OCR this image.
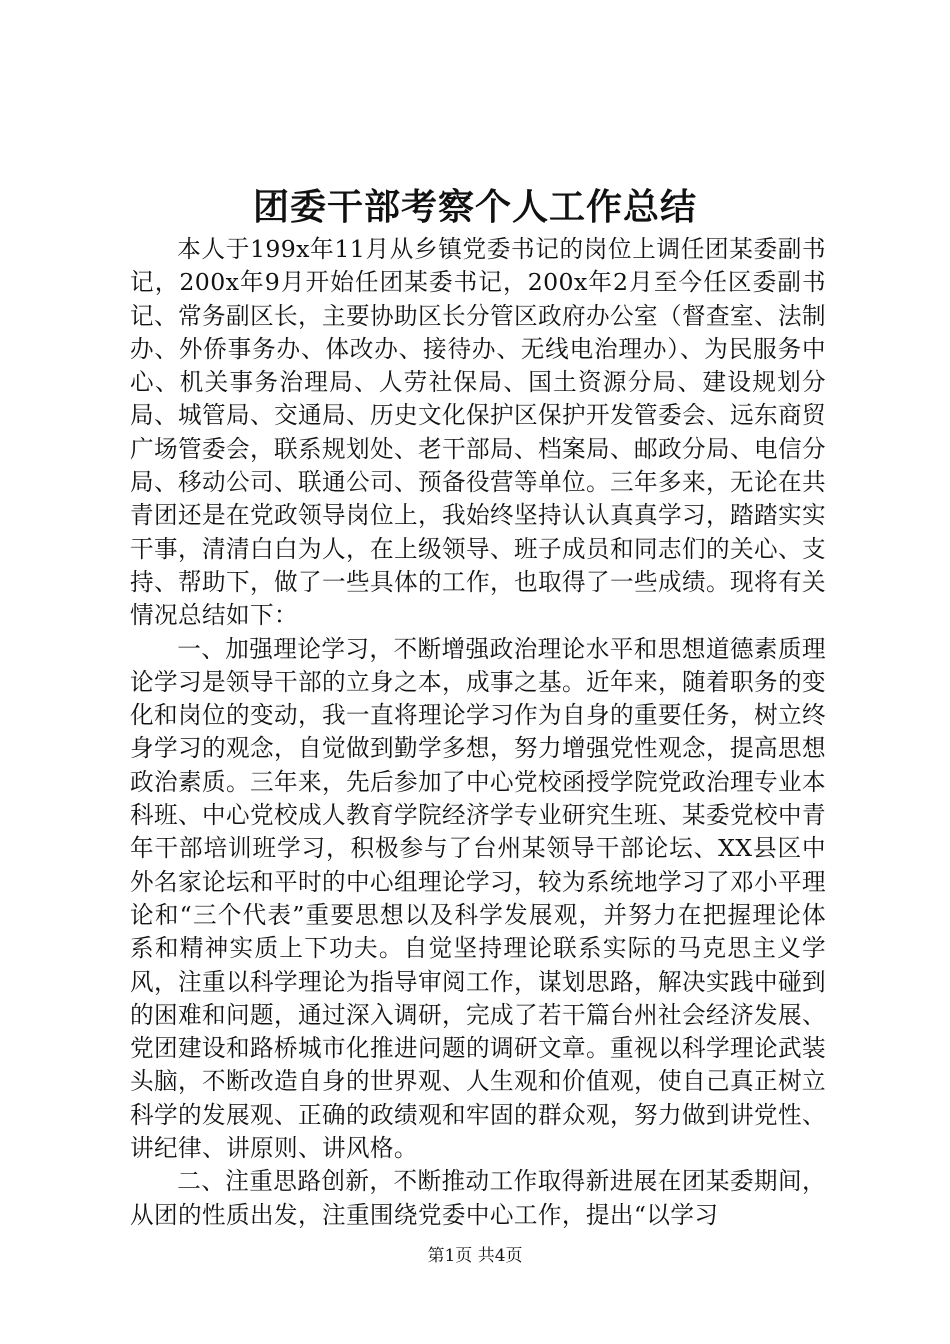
团委干部考察个人工作总结

本人于199x年11月从乡镇党委书记的岗位上调任团某委副书记，200x年9月开始任团某委书记，200x年2月至今任区委副书记、常务副区长，主要协助区长分管区政府办公室（督查室、法制办、外侨事务办、体改办、接待办、无线电治理办）、为民服务中心、机关事务治理局、人劳社保局、国土资源分局、建设规划分局、城管局、交通局、历史文化保护区保护开发管委会、远东商贸广场管委会，联系规划处、老干部局、档案局、邮政分局、电信分局、移动公司、联通公司、预备役营等单位。三年多来，无论在共青团还是在党政领导岗位上，我始终坚持认认真真学习，踏踏实实干事，清清白白为人，在上级领导、班子成员和同志们的关心、支持、帮助下，做了一些具体的工作，也取得了一些成绩。现将有关情况总结如下：

一、加强理论学习，不断增强政治理论水平和思想道德素质理论学习是领导干部的立身之本，成事之基。近年来，随着职务的变化和岗位的变动，我一直将理论学习作为自身的重要任务，树立终身学习的观念，自觉做到勤学多想，努力增强党性观念，提高思想政治素质。三年来，先后参加了中心党校函授学院党政治理专业本科班、中心党校成人教育学院经济学专业研究生班、某委党校中青年干部培训班学习，积极参与了台州某领导干部论坛、XX县区中外名家论坛和平时的中心组理论学习，较为系统地学习了邓小平理论和“三个代表”重要思想以及科学发展观，并努力在把握理论体系和精神实质上下功夫。自觉坚持理论联系实际的马克思主义学风，注重以科学理论为指导审阅工作，谋划思路，解决实践中碰到的困难和问题，通过深入调研，完成了若干篇台州社会经济发展、党团建设和路桥城市化推进问题的调研文章。重视以科学理论武装头脑，不断改造自身的世界观、人生观和价值观，使自己真正树立科学的发展观、正确的政绩观和牢固的群众观，努力做到讲党性、讲纪律、讲原则、讲风格。

二、注重思路创新，不断推动工作取得新进展在团某委期间，从团的性质出发，注重围绕党委中心工作，提出“以学习

第1页 共4页
